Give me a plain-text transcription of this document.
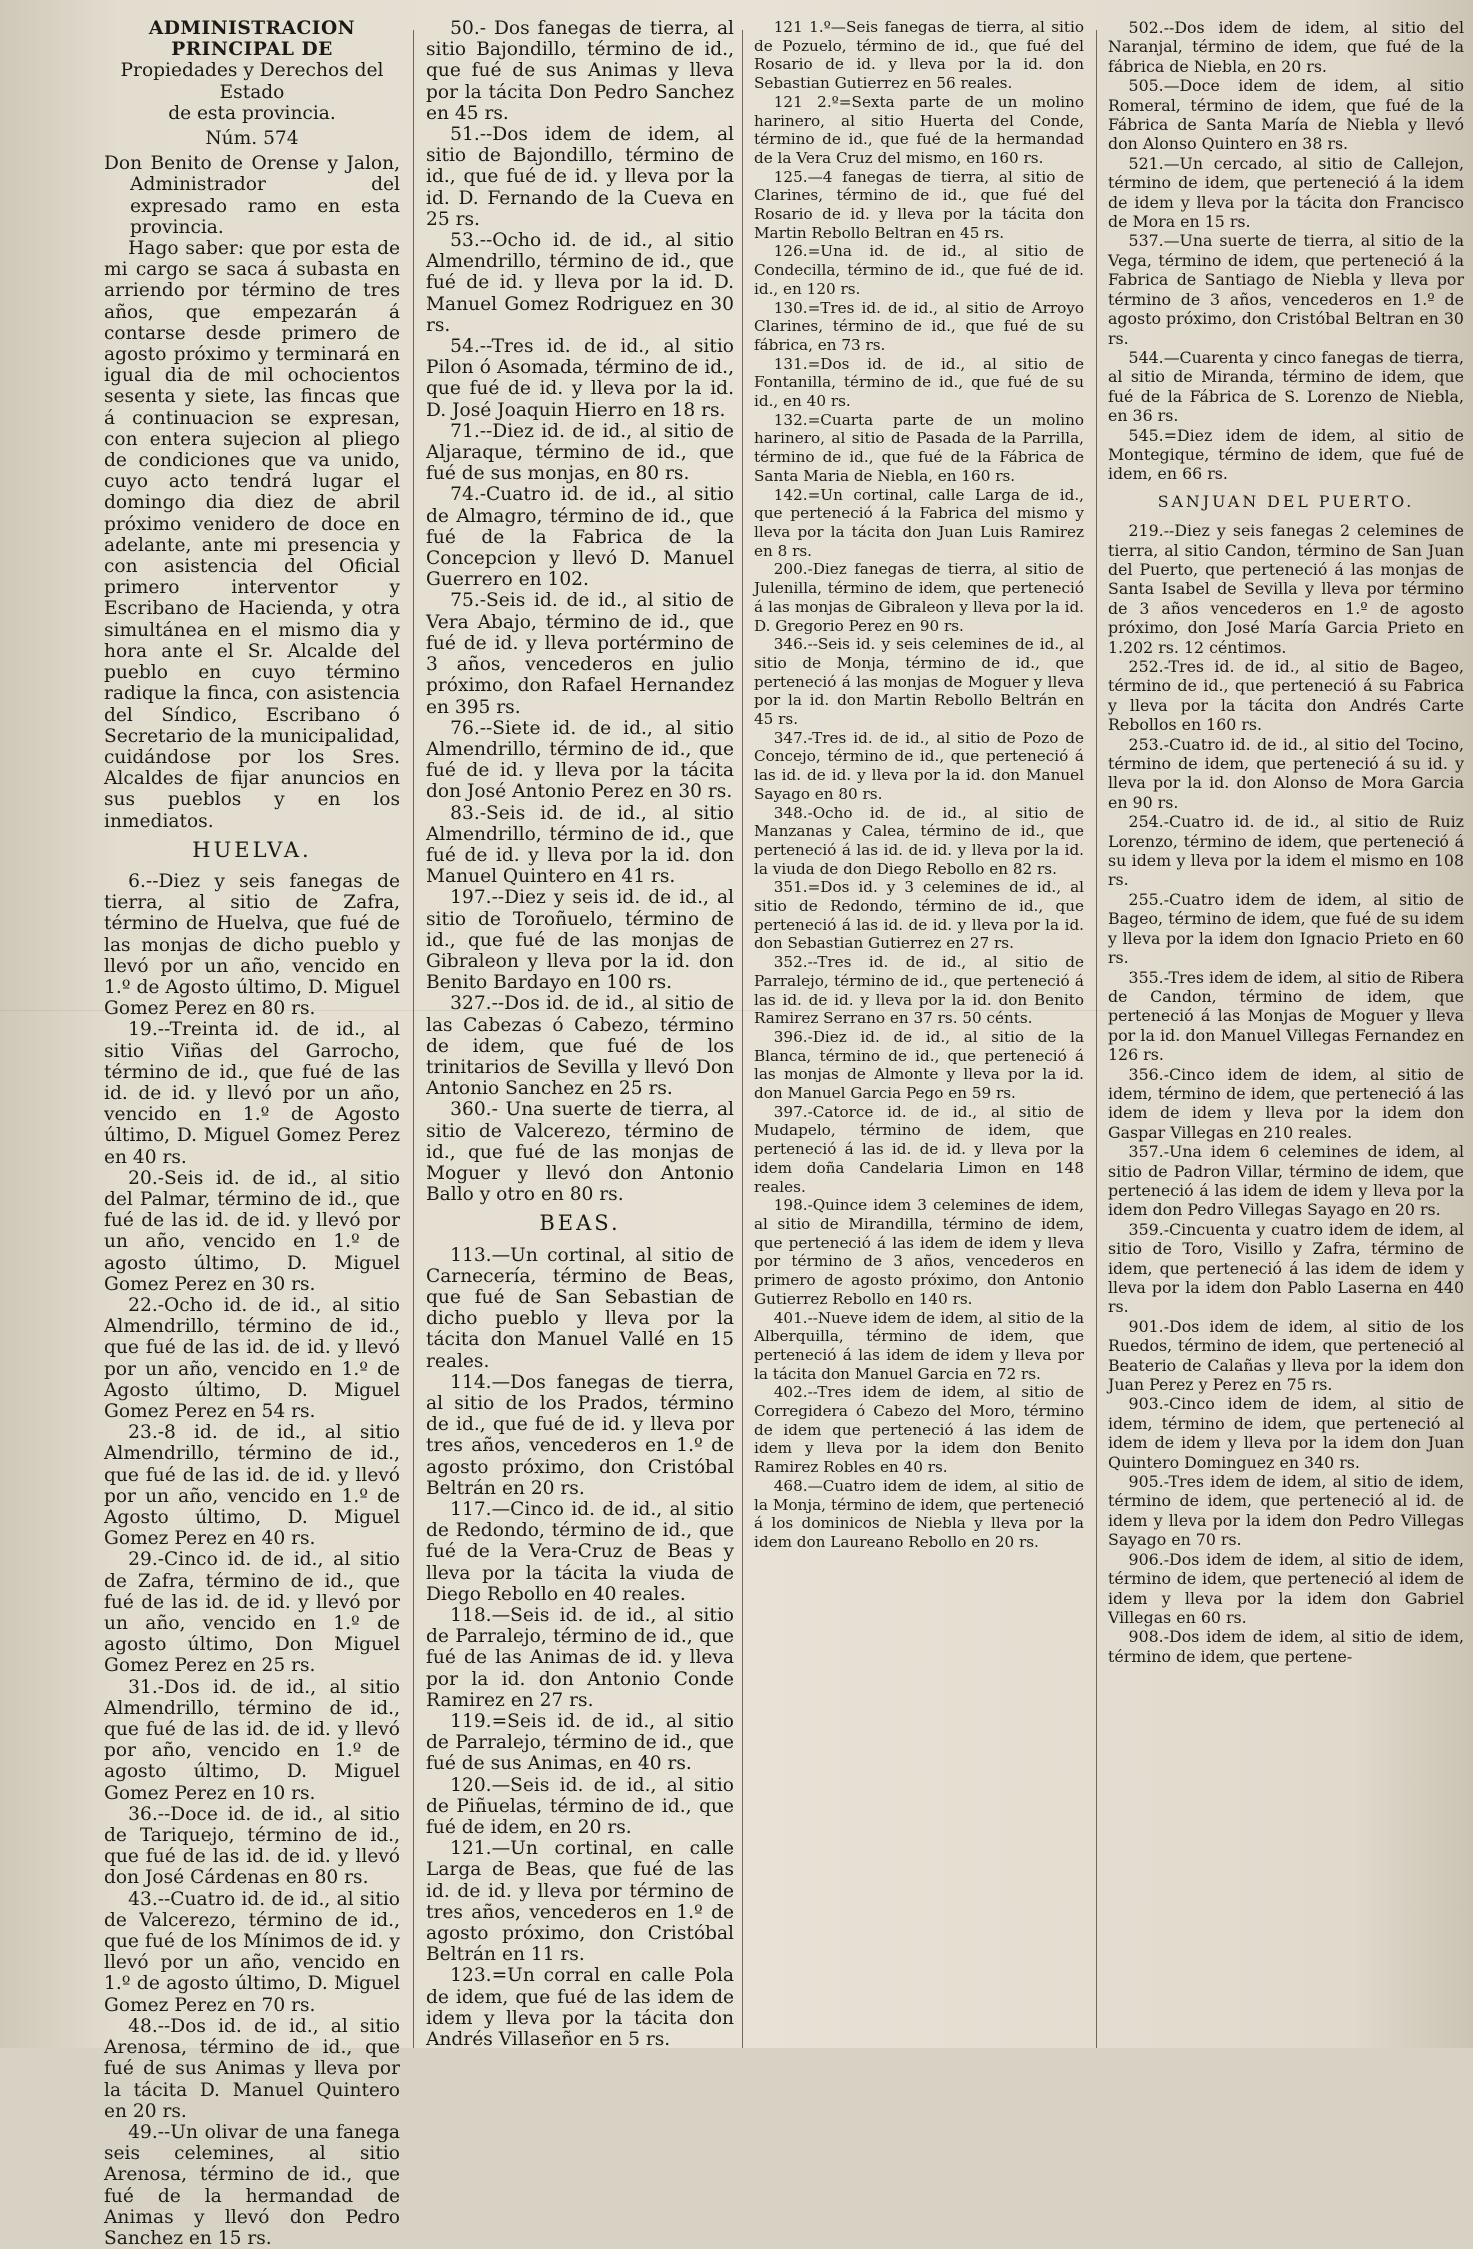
ADMINISTRACION PRINCIPAL DE

Propiedades y Derechos del Estado

de esta provincia.

Núm. 574

Don Benito de Orense y Jalon, Administrador del expresado ramo en esta provincia.

Hago saber: que por esta de mi cargo se saca á subasta en arriendo por término de tres años, que empezarán á contarse desde primero de agosto próximo y terminará en igual dia de mil ochocientos sesenta y siete, las fincas que á continuacion se expresan, con entera sujecion al pliego de condiciones que va unido, cuyo acto tendrá lugar el domingo dia diez de abril próximo venidero de doce en adelante, ante mi presencia y con asistencia del Oficial primero interventor y Escribano de Hacienda, y otra simultánea en el mismo dia y hora ante el Sr. Alcalde del pueblo en cuyo término radique la finca, con asistencia del Síndico, Escribano ó Secretario de la municipalidad, cuidándose por los Sres. Alcaldes de fijar anuncios en sus pueblos y en los inmediatos.

HUELVA.

6.--Diez y seis fanegas de tierra, al sitio de Zafra, término de Huelva, que fué de las monjas de dicho pueblo y llevó por un año, vencido en 1.º de Agosto último, D. Miguel Gomez Perez en 80 rs.

19.--Treinta id. de id., al sitio Viñas del Garrocho, término de id., que fué de las id. de id. y llevó por un año, vencido en 1.º de Agosto último, D. Miguel Gomez Perez en 40 rs.

20.-Seis id. de id., al sitio del Palmar, término de id., que fué de las id. de id. y llevó por un año, vencido en 1.º de agosto último, D. Miguel Gomez Perez en 30 rs.

22.-Ocho id. de id., al sitio Almendrillo, término de id., que fué de las id. de id. y llevó por un año, vencido en 1.º de Agosto último, D. Miguel Gomez Perez en 54 rs.

23.-8 id. de id., al sitio Almendrillo, término de id., que fué de las id. de id. y llevó por un año, vencido en 1.º de Agosto último, D. Miguel Gomez Perez en 40 rs.

29.-Cinco id. de id., al sitio de Zafra, término de id., que fué de las id. de id. y llevó por un año, vencido en 1.º de agosto último, Don Miguel Gomez Perez en 25 rs.

31.-Dos id. de id., al sitio Almendrillo, término de id., que fué de las id. de id. y llevó por año, vencido en 1.º de agosto último, D. Miguel Gomez Perez en 10 rs.

36.--Doce id. de id., al sitio de Tariquejo, término de id., que fué de las id. de id. y llevó don José Cárdenas en 80 rs.

43.--Cuatro id. de id., al sitio de Valcerezo, término de id., que fué de los Mínimos de id. y llevó por un año, vencido en 1.º de agosto último, D. Miguel Gomez Perez en 70 rs.

48.--Dos id. de id., al sitio Arenosa, término de id., que fué de sus Animas y lleva por la tácita D. Manuel Quintero en 20 rs.

49.--Un olivar de una fanega seis celemines, al sitio Arenosa, término de id., que fué de la hermandad de Animas y llevó don Pedro Sanchez en 15 rs.

50.- Dos fanegas de tierra, al sitio Bajondillo, término de id., que fué de sus Animas y lleva por la tácita Don Pedro Sanchez en 45 rs.

51.--Dos idem de idem, al sitio de Bajondillo, término de id., que fué de id. y lleva por la id. D. Fernando de la Cueva en 25 rs.

53.--Ocho id. de id., al sitio Almendrillo, término de id., que fué de id. y lleva por la id. D. Manuel Gomez Rodriguez en 30 rs.

54.--Tres id. de id., al sitio Pilon ó Asomada, término de id., que fué de id. y lleva por la id. D. José Joaquin Hierro en 18 rs.

71.--Diez id. de id., al sitio de Aljaraque, término de id., que fué de sus monjas, en 80 rs.

74.-Cuatro id. de id., al sitio de Almagro, término de id., que fué de la Fabrica de la Concepcion y llevó D. Manuel Guerrero en 102.

75.-Seis id. de id., al sitio de Vera Abajo, término de id., que fué de id. y lleva portérmino de 3 años, vencederos en julio próximo, don Rafael Hernandez en 395 rs.

76.--Siete id. de id., al sitio Almendrillo, término de id., que fué de id. y lleva por la tácita don José Antonio Perez en 30 rs.

83.-Seis id. de id., al sitio Almendrillo, término de id., que fué de id. y lleva por la id. don Manuel Quintero en 41 rs.

197.--Diez y seis id. de id., al sitio de Toroñuelo, término de id., que fué de las monjas de Gibraleon y lleva por la id. don Benito Bardayo en 100 rs.

327.--Dos id. de id., al sitio de las Cabezas ó Cabezo, término de idem, que fué de los trinitarios de Sevilla y llevó Don Antonio Sanchez en 25 rs.

360.- Una suerte de tierra, al sitio de Valcerezo, término de id., que fué de las monjas de Moguer y llevó don Antonio Ballo y otro en 80 rs.

BEAS.

113.—Un cortinal, al sitio de Carnecería, término de Beas, que fué de San Sebastian de dicho pueblo y lleva por la tácita don Manuel Vallé en 15 reales.

114.—Dos fanegas de tierra, al sitio de los Prados, término de id., que fué de id. y lleva por tres años, vencederos en 1.º de agosto próximo, don Cristóbal Beltrán en 20 rs.

117.—Cinco id. de id., al sitio de Redondo, término de id., que fué de la Vera-Cruz de Beas y lleva por la tácita la viuda de Diego Rebollo en 40 reales.

118.—Seis id. de id., al sitio de Parralejo, término de id., que fué de las Animas de id. y lleva por la id. don Antonio Conde Ramirez en 27 rs.

119.=Seis id. de id., al sitio de Parralejo, término de id., que fué de sus Animas, en 40 rs.

120.—Seis id. de id., al sitio de Piñuelas, término de id., que fué de idem, en 20 rs.

121.—Un cortinal, en calle Larga de Beas, que fué de las id. de id. y lleva por término de tres años, vencederos en 1.º de agosto próximo, don Cristóbal Beltrán en 11 rs.

123.=Un corral en calle Pola de idem, que fué de las idem de idem y lleva por la tácita don Andrés Villaseñor en 5 rs.

121 1.º—Seis fanegas de tierra, al sitio de Pozuelo, término de id., que fué del Rosario de id. y lleva por la id. don Sebastian Gutierrez en 56 reales.

121 2.º=Sexta parte de un molino harinero, al sitio Huerta del Conde, término de id., que fué de la hermandad de la Vera Cruz del mismo, en 160 rs.

125.—4 fanegas de tierra, al sitio de Clarines, término de id., que fué del Rosario de id. y lleva por la tácita don Martin Rebollo Beltran en 45 rs.

126.=Una id. de id., al sitio de Condecilla, término de id., que fué de id. id., en 120 rs.

130.=Tres id. de id., al sitio de Arroyo Clarines, término de id., que fué de su fábrica, en 73 rs.

131.=Dos id. de id., al sitio de Fontanilla, término de id., que fué de su id., en 40 rs.

132.=Cuarta parte de un molino harinero, al sitio de Pasada de la Parrilla, término de id., que fué de la Fábrica de Santa Maria de Niebla, en 160 rs.

142.=Un cortinal, calle Larga de id., que perteneció á la Fabrica del mismo y lleva por la tácita don Juan Luis Ramirez en 8 rs.

200.-Diez fanegas de tierra, al sitio de Julenilla, término de idem, que perteneció á las monjas de Gibraleon y lleva por la id. D. Gregorio Perez en 90 rs.

346.--Seis id. y seis celemines de id., al sitio de Monja, término de id., que perteneció á las monjas de Moguer y lleva por la id. don Martin Rebollo Beltrán en 45 rs.

347.-Tres id. de id., al sitio de Pozo de Concejo, término de id., que perteneció á las id. de id. y lleva por la id. don Manuel Sayago en 80 rs.

348.-Ocho id. de id., al sitio de Manzanas y Calea, término de id., que perteneció á las id. de id. y lleva por la id. la viuda de don Diego Rebollo en 82 rs.

351.=Dos id. y 3 celemines de id., al sitio de Redondo, término de id., que perteneció á las id. de id. y lleva por la id. don Sebastian Gutierrez en 27 rs.

352.--Tres id. de id., al sitio de Parralejo, término de id., que perteneció á las id. de id. y lleva por la id. don Benito Ramirez Serrano en 37 rs. 50 cénts.

396.-Diez id. de id., al sitio de la Blanca, término de id., que perteneció á las monjas de Almonte y lleva por la id. don Manuel Garcia Pego en 59 rs.

397.-Catorce id. de id., al sitio de Mudapelo, término de idem, que perteneció á las id. de id. y lleva por la idem doña Candelaria Limon en 148 reales.

198.-Quince idem 3 celemines de idem, al sitio de Mirandilla, término de idem, que perteneció á las idem de idem y lleva por término de 3 años, vencederos en primero de agosto próximo, don Antonio Gutierrez Rebollo en 140 rs.

401.--Nueve idem de idem, al sitio de la Alberquilla, término de idem, que perteneció á las idem de idem y lleva por la tácita don Manuel Garcia en 72 rs.

402.--Tres idem de idem, al sitio de Corregidera ó Cabezo del Moro, término de idem que perteneció á las idem de idem y lleva por la idem don Benito Ramirez Robles en 40 rs.

468.—Cuatro idem de idem, al sitio de la Monja, término de idem, que perteneció á los dominicos de Niebla y lleva por la idem don Laureano Rebollo en 20 rs.

502.--Dos idem de idem, al sitio del Naranjal, término de idem, que fué de la fábrica de Niebla, en 20 rs.

505.—Doce idem de idem, al sitio Romeral, término de idem, que fué de la Fábrica de Santa María de Niebla y llevó don Alonso Quintero en 38 rs.

521.—Un cercado, al sitio de Callejon, término de idem, que perteneció á la idem de idem y lleva por la tácita don Francisco de Mora en 15 rs.

537.—Una suerte de tierra, al sitio de la Vega, término de idem, que perteneció á la Fabrica de Santiago de Niebla y lleva por término de 3 años, vencederos en 1.º de agosto próximo, don Cristóbal Beltran en 30 rs.

544.—Cuarenta y cinco fanegas de tierra, al sitio de Miranda, término de idem, que fué de la Fábrica de S. Lorenzo de Niebla, en 36 rs.

545.=Diez idem de idem, al sitio de Montegique, término de idem, que fué de idem, en 66 rs.

SANJUAN DEL PUERTO.

219.--Diez y seis fanegas 2 celemines de tierra, al sitio Candon, término de San Juan del Puerto, que perteneció á las monjas de Santa Isabel de Sevilla y lleva por término de 3 años vencederos en 1.º de agosto próximo, don José María Garcia Prieto en 1.202 rs. 12 céntimos.

252.-Tres id. de id., al sitio de Bageo, término de id., que perteneció á su Fabrica y lleva por la tácita don Andrés Carte Rebollos en 160 rs.

253.-Cuatro id. de id., al sitio del Tocino, término de idem, que perteneció á su id. y lleva por la id. don Alonso de Mora Garcia en 90 rs.

254.-Cuatro id. de id., al sitio de Ruiz Lorenzo, término de idem, que perteneció á su idem y lleva por la idem el mismo en 108 rs.

255.-Cuatro idem de idem, al sitio de Bageo, término de idem, que fué de su idem y lleva por la idem don Ignacio Prieto en 60 rs.

355.-Tres idem de idem, al sitio de Ribera de Candon, término de idem, que perteneció á las Monjas de Moguer y lleva por la id. don Manuel Villegas Fernandez en 126 rs.

356.-Cinco idem de idem, al sitio de idem, término de idem, que perteneció á las idem de idem y lleva por la idem don Gaspar Villegas en 210 reales.

357.-Una idem 6 celemines de idem, al sitio de Padron Villar, término de idem, que perteneció á las idem de idem y lleva por la idem don Pedro Villegas Sayago en 20 rs.

359.-Cincuenta y cuatro idem de idem, al sitio de Toro, Visillo y Zafra, término de idem, que perteneció á las idem de idem y lleva por la idem don Pablo Laserna en 440 rs.

901.-Dos idem de idem, al sitio de los Ruedos, término de idem, que perteneció al Beaterio de Calañas y lleva por la idem don Juan Perez y Perez en 75 rs.

903.-Cinco idem de idem, al sitio de idem, término de idem, que perteneció al idem de idem y lleva por la idem don Juan Quintero Dominguez en 340 rs.

905.-Tres idem de idem, al sitio de idem, término de idem, que perteneció al id. de idem y lleva por la idem don Pedro Villegas Sayago en 70 rs.

906.-Dos idem de idem, al sitio de idem, término de idem, que perteneció al idem de idem y lleva por la idem don Gabriel Villegas en 60 rs.

908.-Dos idem de idem, al sitio de idem, término de idem, que pertene-
